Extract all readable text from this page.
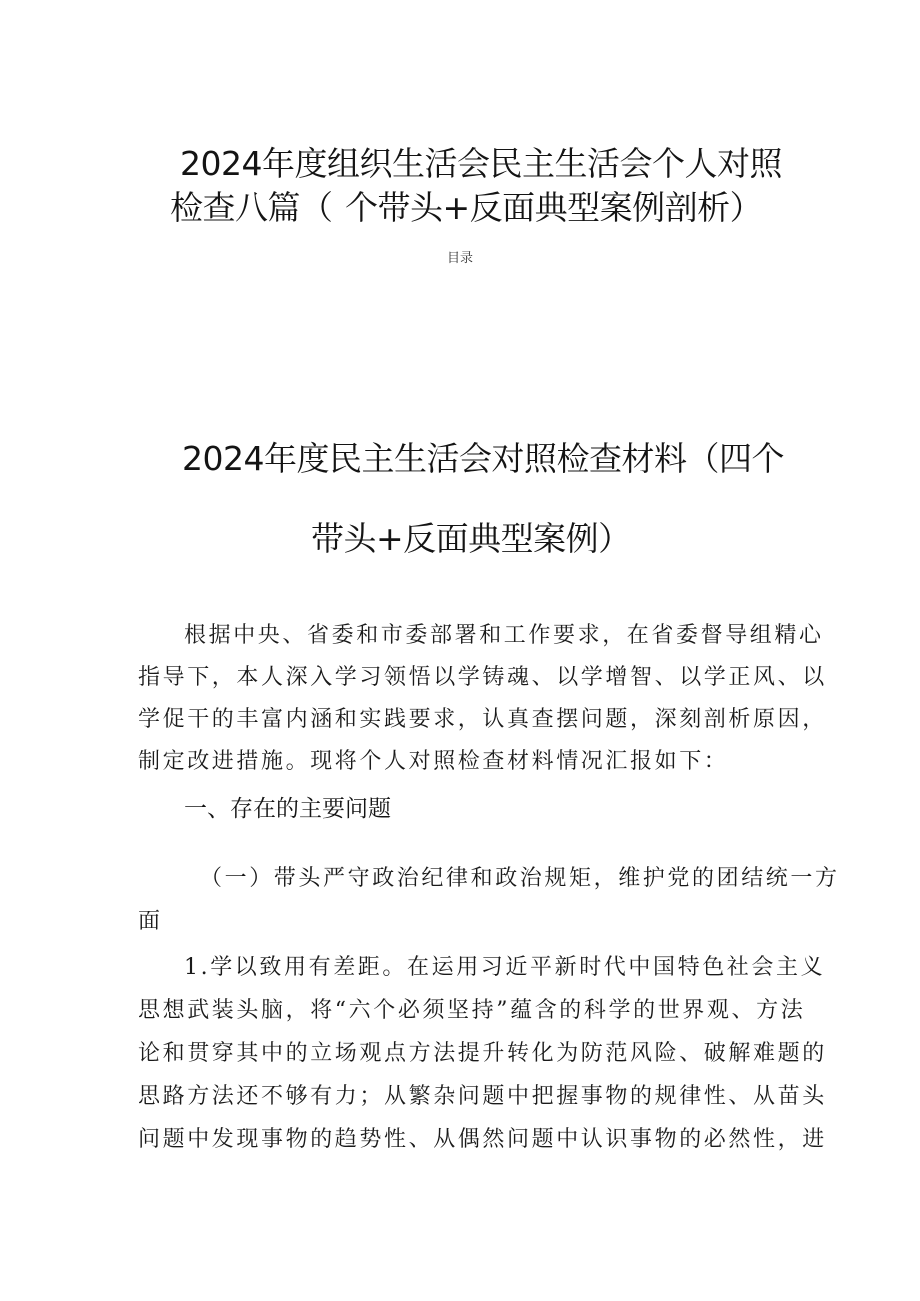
2024年度组织生活会民主生活会个人对照
检查八篇（ 个带头+反面典型案例剖析）
目录
2024年度民主生活会对照检查材料（四个
带头+反面典型案例）
根据中央、省委和市委部署和工作要求，在省委督导组精心
指导下，本人深入学习领悟以学铸魂、以学增智、以学正风、以
学促干的丰富内涵和实践要求，认真查摆问题，深刻剖析原因，
制定改进措施。现将个人对照检查材料情况汇报如下：
一、存在的主要问题
（一）带头严守政治纪律和政治规矩，维护党的团结统一方
面
1.学以致用有差距。在运用习近平新时代中国特色社会主义
思想武装头脑，将“六个必须坚持”蕴含的科学的世界观、方法
论和贯穿其中的立场观点方法提升转化为防范风险、破解难题的
思路方法还不够有力；从繁杂问题中把握事物的规律性、从苗头
问题中发现事物的趋势性、从偶然问题中认识事物的必然性，进
